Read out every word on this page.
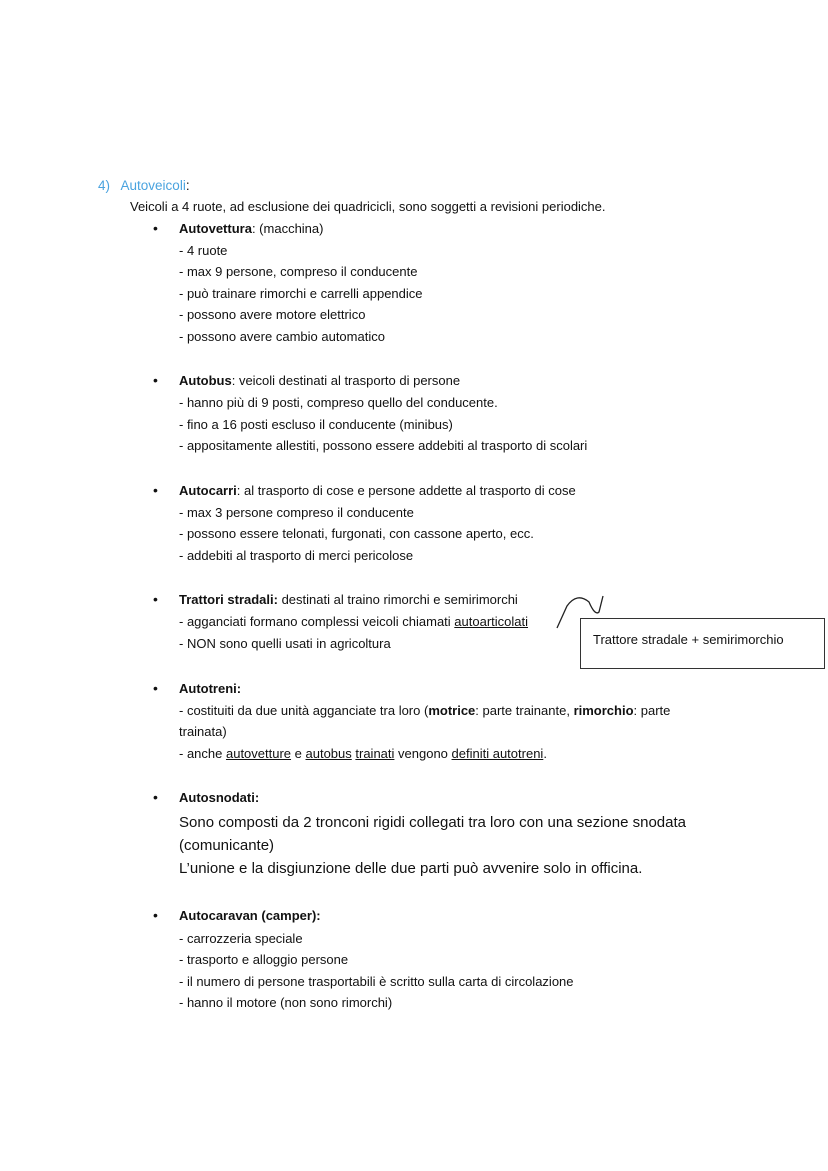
4) Autoveicoli:
Veicoli a 4 ruote, ad esclusione dei quadricicli, sono soggetti a revisioni periodiche.
Autovettura: (macchina)
•
- 4 ruote
- max 9 persone, compreso il conducente
- può trainare rimorchi e carrelli appendice
- possono avere motore elettrico
- possono avere cambio automatico
Autobus: veicoli destinati al trasporto di persone
•
- hanno più di 9 posti, compreso quello del conducente.
- fino a 16 posti escluso il conducente (minibus)
- appositamente allestiti, possono essere addebiti al trasporto di scolari
Autocarri: al trasporto di cose e persone addette al trasporto di cose
•
- max 3 persone compreso il conducente
- possono essere telonati, furgonati, con cassone aperto, ecc.
- addebiti al trasporto di merci pericolose
Trattori stradali: destinati al traino rimorchi e semirimorchi
•
- agganciati formano complessi veicoli chiamati autoarticolati
- NON sono quelli usati in agricoltura
Autotreni:
•
- costituiti da due unità agganciate tra loro (motrice: parte trainante, rimorchio: parte
trainata)
- anche autovetture e autobus trainati vengono definiti autotreni.
Autosnodati:
•
Sono composti da 2 tronconi rigidi collegati tra loro con una sezione snodata
(comunicante)
L’unione e la disgiunzione delle due parti può avvenire solo in officina.
Autocaravan (camper):
•
- carrozzeria speciale
- trasporto e alloggio persone
- il numero di persone trasportabili è scritto sulla carta di circolazione
- hanno il motore (non sono rimorchi)
Trattore stradale + semirimorchio
